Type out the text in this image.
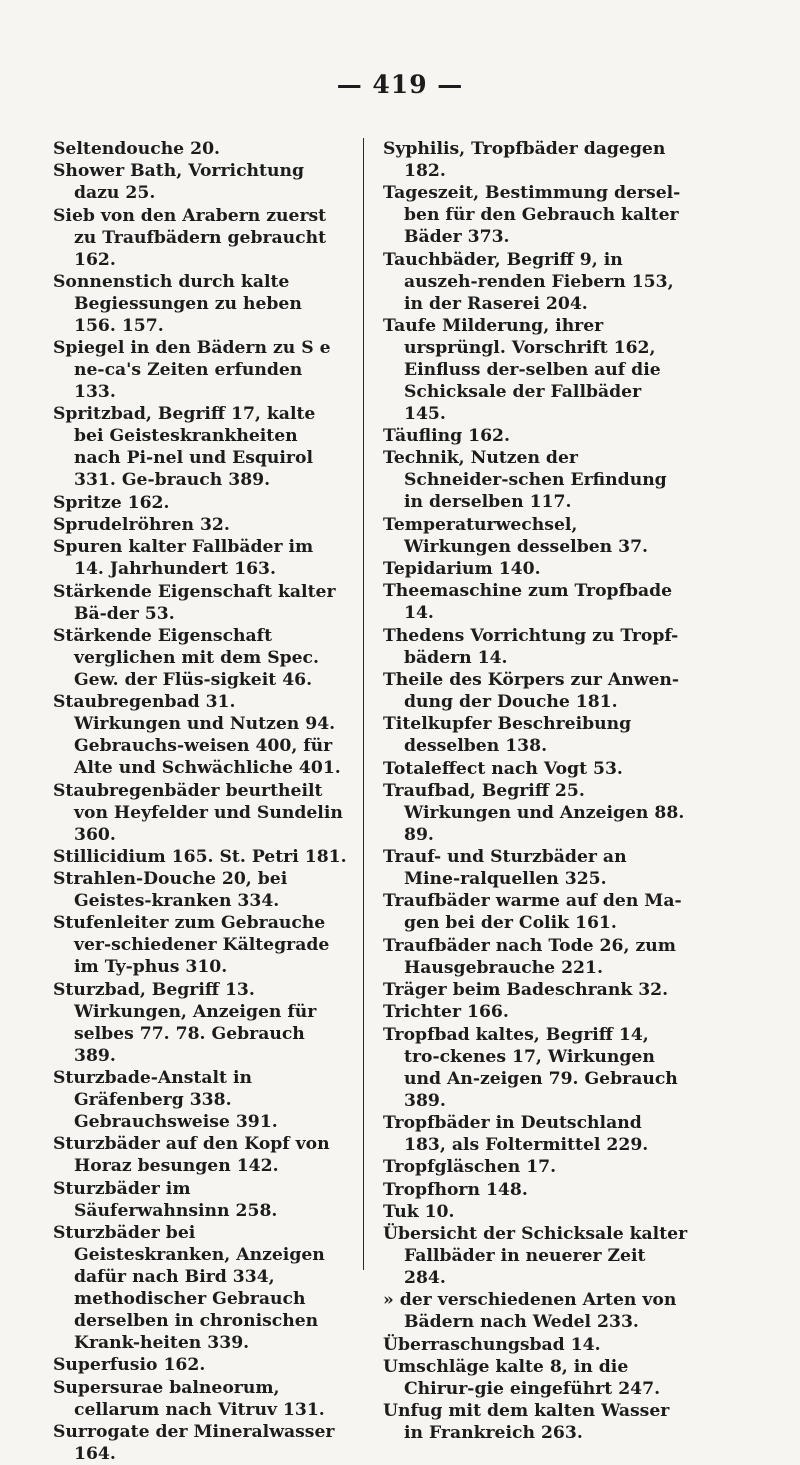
— 419 —

Seltendouche 20.

Shower Bath, Vorrichtung dazu 25.

Sieb von den Arabern zuerst zu Traufbädern gebraucht 162.

Sonnenstich durch kalte Begiessungen zu heben 156. 157.

Spiegel in den Bädern zu S e ne-ca's Zeiten erfunden 133.

Spritzbad, Begriff 17, kalte bei Geisteskrankheiten nach Pi-nel und Esquirol 331. Ge-brauch 389.

Spritze 162.

Sprudelröhren 32.

Spuren kalter Fallbäder im 14. Jahrhundert 163.

Stärkende Eigenschaft kalter Bä-der 53.

Stärkende Eigenschaft verglichen mit dem Spec. Gew. der Flüs-sigkeit 46.

Staubregenbad 31. Wirkungen und Nutzen 94. Gebrauchs-weisen 400, für Alte und Schwächliche 401.

Staubregenbäder beurtheilt von Heyfelder und Sundelin 360.

Stillicidium 165. St. Petri 181.

Strahlen-Douche 20, bei Geistes-kranken 334.

Stufenleiter zum Gebrauche ver-schiedener Kältegrade im Ty-phus 310.

Sturzbad, Begriff 13. Wirkungen, Anzeigen für selbes 77. 78. Gebrauch 389.

Sturzbade-Anstalt in Gräfenberg 338. Gebrauchsweise 391.

Sturzbäder auf den Kopf von Horaz besungen 142.

Sturzbäder im Säuferwahnsinn 258.

Sturzbäder bei Geisteskranken, Anzeigen dafür nach Bird 334, methodischer Gebrauch derselben in chronischen Krank-heiten 339.

Superfusio 162.

Supersurae balneorum, cellarum nach Vitruv 131.

Surrogate der Mineralwasser 164.

Syphilis, Tropfbäder dagegen 182.

Tageszeit, Bestimmung dersel-ben für den Gebrauch kalter Bäder 373.

Tauchbäder, Begriff 9, in auszeh-renden Fiebern 153, in der Raserei 204.

Taufe Milderung, ihrer ursprüngl. Vorschrift 162, Einfluss der-selben auf die Schicksale der Fallbäder 145.

Täufling 162.

Technik, Nutzen der Schneider-schen Erfindung in derselben 117.

Temperaturwechsel, Wirkungen desselben 37.

Tepidarium 140.

Theemaschine zum Tropfbade 14.

Thedens Vorrichtung zu Tropf-bädern 14.

Theile des Körpers zur Anwen-dung der Douche 181.

Titelkupfer Beschreibung desselben 138.

Totaleffect nach Vogt 53.

Traufbad, Begriff 25. Wirkungen und Anzeigen 88. 89.

Trauf- und Sturzbäder an Mine-ralquellen 325.

Traufbäder warme auf den Ma-gen bei der Colik 161.

Traufbäder nach Tode 26, zum Hausgebrauche 221.

Träger beim Badeschrank 32.

Trichter 166.

Tropfbad kaltes, Begriff 14, tro-ckenes 17, Wirkungen und An-zeigen 79. Gebrauch 389.

Tropfbäder in Deutschland 183, als Foltermittel 229.

Tropfgläschen 17.

Tropfhorn 148.

Tuk 10.

Übersicht der Schicksale kalter Fallbäder in neuerer Zeit 284.

» der verschiedenen Arten von Bädern nach Wedel 233.

Überraschungsbad 14.

Umschläge kalte 8, in die Chirur-gie eingeführt 247.

Unfug mit dem kalten Wasser in Frankreich 263.
